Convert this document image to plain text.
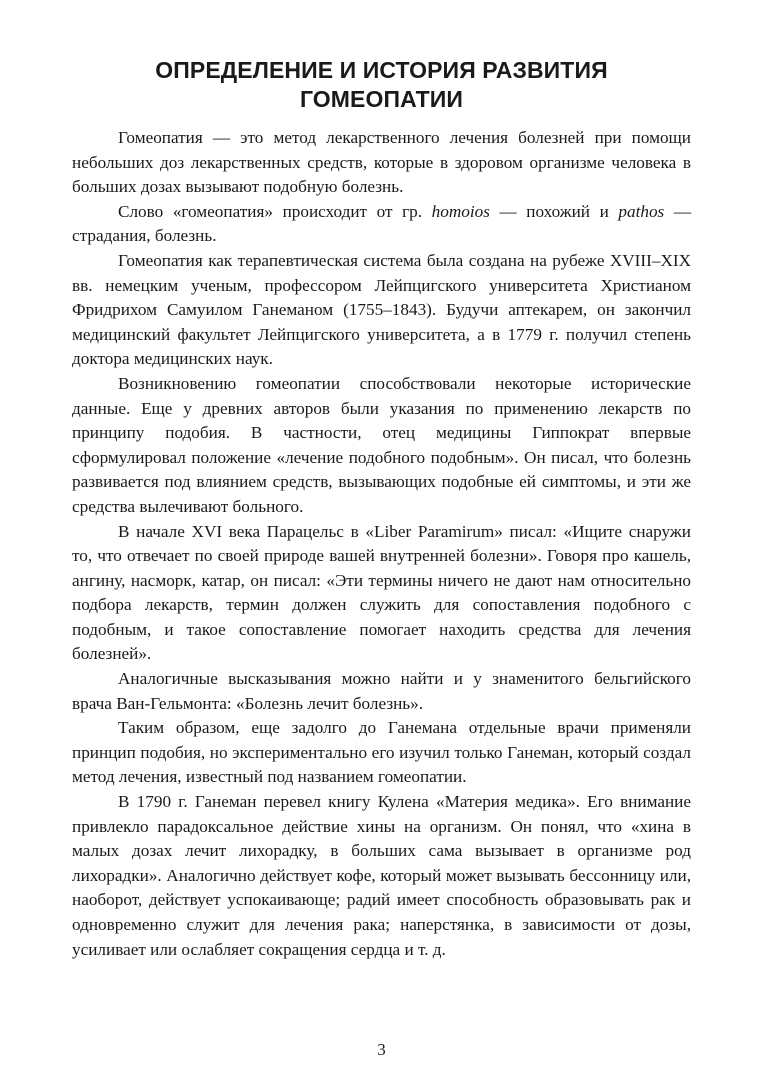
ОПРЕДЕЛЕНИЕ И ИСТОРИЯ РАЗВИТИЯ
ГОМЕОПАТИИ

Гомеопатия — это метод лекарственного лечения болезней при помощи небольших доз лекарственных средств, которые в здоровом организме человека в больших дозах вызывают подобную болезнь.

Слово «гомеопатия» происходит от гр. homoios — похожий и pathos — страдания, болезнь.

Гомеопатия как терапевтическая система была создана на рубеже XVIII–XIX вв. немецким ученым, профессором Лейпцигского университета Христианом Фридрихом Самуилом Ганеманом (1755–1843). Будучи аптекарем, он закончил медицинский факультет Лейпцигского университета, а в 1779 г. получил степень доктора медицинских наук.

Возникновению гомеопатии способствовали некоторые исторические данные. Еще у древних авторов были указания по применению лекарств по принципу подобия. В частности, отец медицины Гиппократ впервые сформулировал положение «лечение подобного подобным». Он писал, что болезнь развивается под влиянием средств, вызывающих подобные ей симптомы, и эти же средства вылечивают больного.

В начале XVI века Парацельс в «Liber Paramirum» писал: «Ищите снаружи то, что отвечает по своей природе вашей внутренней болезни». Говоря про кашель, ангину, насморк, катар, он писал: «Эти термины ничего не дают нам относительно подбора лекарств, термин должен служить для сопоставления подобного с подобным, и такое сопоставление помогает находить средства для лечения болезней».

Аналогичные высказывания можно найти и у знаменитого бельгийского врача Ван-Гельмонта: «Болезнь лечит болезнь».

Таким образом, еще задолго до Ганемана отдельные врачи применяли принцип подобия, но экспериментально его изучил только Ганеман, который создал метод лечения, известный под названием гомеопатии.

В 1790 г. Ганеман перевел книгу Кулена «Материя медика». Его внимание привлекло парадоксальное действие хины на организм. Он понял, что «хина в малых дозах лечит лихорадку, в больших сама вызывает в организме род лихорадки». Аналогично действует кофе, который может вызывать бессонницу или, наоборот, действует успокаивающе; радий имеет способность образовывать рак и одновременно служит для лечения рака; наперстянка, в зависимости от дозы, усиливает или ослабляет сокращения сердца и т. д.

3
